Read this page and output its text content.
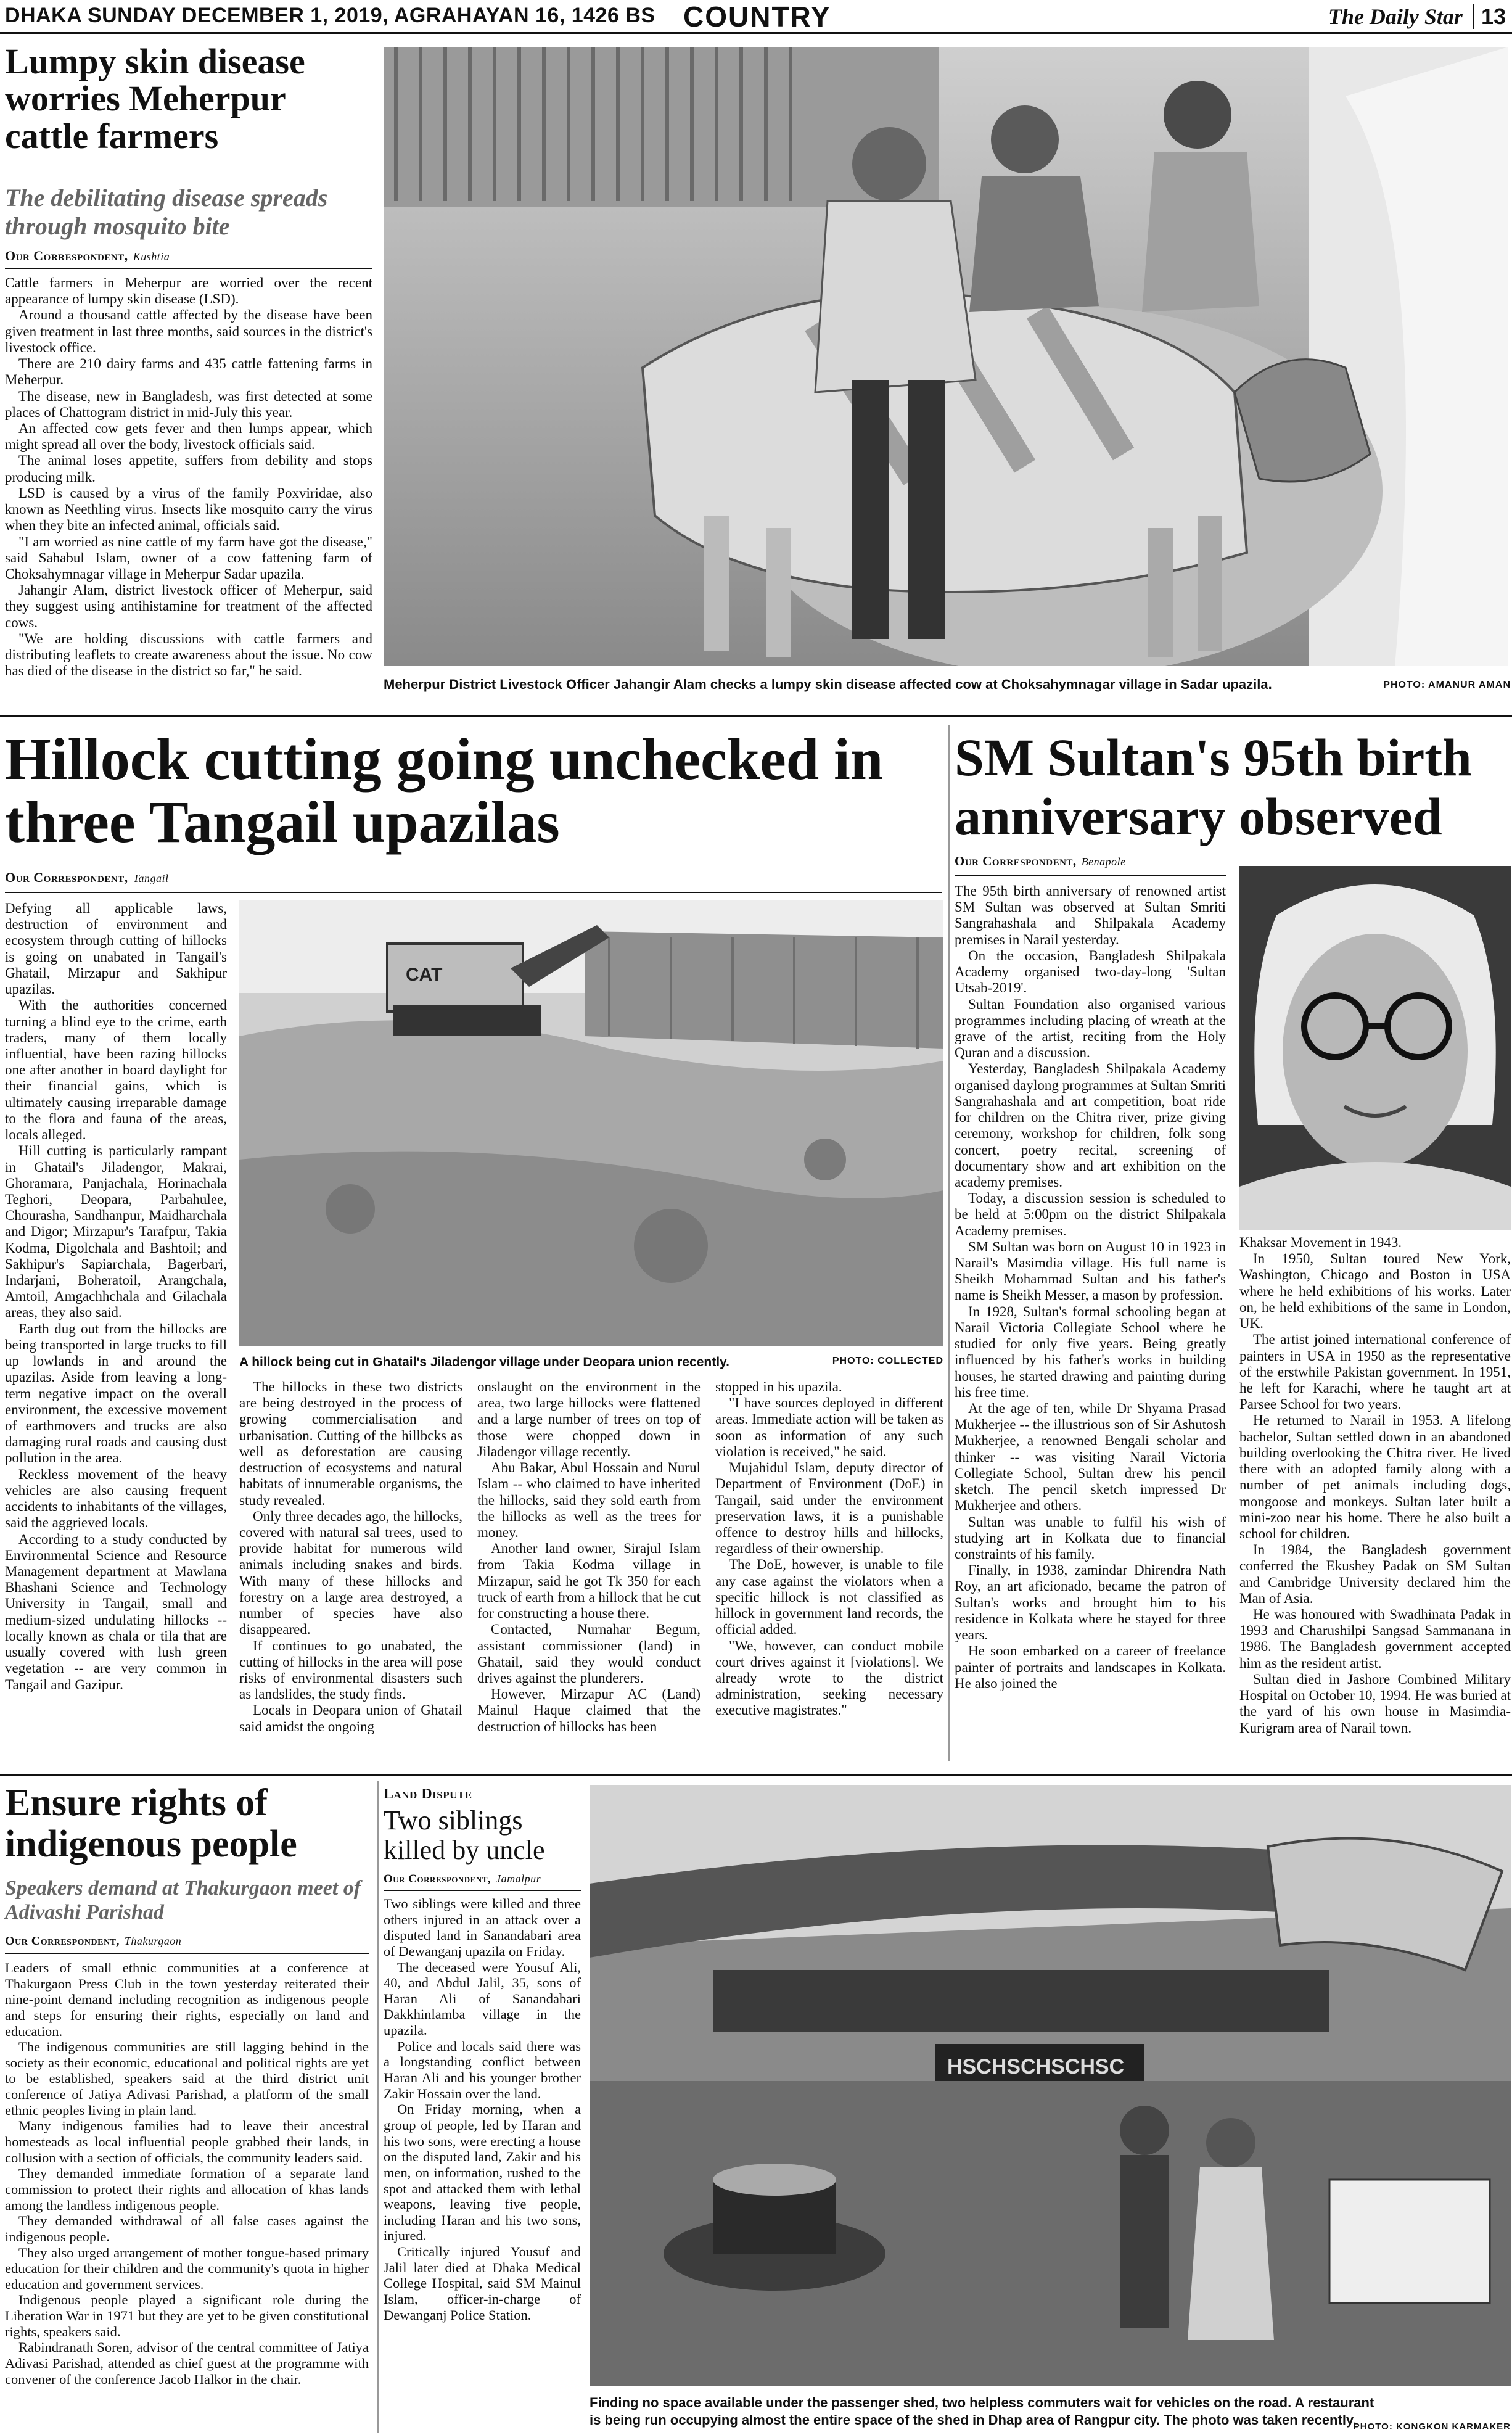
DHAKA SUNDAY DECEMBER 1, 2019, AGRAHAYAN 16, 1426 BS COUNTRY	The Daily Star 13
Lumpy skin disease worries Meherpur cattle farmers
The debilitating disease spreads through mosquito bite
Our Correspondent, Kushtia

Cattle farmers in Meherpur are worried over the recent appearance of lumpy skin disease (LSD).

Around a thousand cattle affected by the disease have been given treatment in last three months, said sources in the district's livestock office.

There are 210 dairy farms and 435 cattle fattening farms in Meherpur.

The disease, new in Bangladesh, was first detected at some places of Chattogram district in mid-July this year.

An affected cow gets fever and then lumps appear, which might spread all over the body, livestock officials said.

The animal loses appetite, suffers from debility and stops producing milk.

LSD is caused by a virus of the family Poxviridae, also known as Neethling virus. Insects like mosquito carry the virus when they bite an infected animal, officials said.

"I am worried as nine cattle of my farm have got the disease," said Sahabul Islam, owner of a cow fattening farm of Choksahymnagar village in Meherpur Sadar upazila.

Jahangir Alam, district livestock officer of Meherpur, said they suggest using antihistamine for treatment of the affected cows.

"We are holding discussions with cattle farmers and distributing leaflets to create awareness about the issue. No cow has died of the disease in the district so far," he said.

Meherpur District Livestock Officer Jahangir Alam checks a lumpy skin disease affected cow at Choksahymnagar village in Sadar upazila.	PHOTO: AMANUR AMAN
Hillock cutting going unchecked in three Tangail upazilas
Our Correspondent, Tangail

Defying all applicable laws, destruction of environment and ecosystem through cutting of hillocks is going on unabated in Tangail's Ghatail, Mirzapur and Sakhipur upazilas.

With the authorities concerned turning a blind eye to the crime, earth traders, many of them locally influential, have been razing hillocks one after another in board daylight for their financial gains, which is ultimately causing irreparable damage to the flora and fauna of the areas, locals alleged.

Hill cutting is particularly rampant in Ghatail's Jiladengor, Makrai, Ghoramara, Panjachala, Horinachala Teghori, Deopara, Parbahulee, Chourasha, Sandhanpur, Maidharchala and Digor; Mirzapur's Tarafpur, Takia Kodma, Digolchala and Bashtoil; and Sakhipur's Sapiarchala, Bagerbari, Indarjani, Boheratoil, Arangchala, Amtoil, Amgachhchala and Gilachala areas, they also said.

Earth dug out from the hillocks are being transported in large trucks to fill up lowlands in and around the upazilas. Aside from leaving a long-term negative impact on the overall environment, the excessive movement of earthmovers and trucks are also damaging rural roads and causing dust pollution in the area.

Reckless movement of the heavy vehicles are also causing frequent accidents to inhabitants of the villages, said the aggrieved locals.

According to a study conducted by Environmental Science and Resource Management department at Mawlana Bhashani Science and Technology University in Tangail, small and medium-sized undulating hillocks -- locally known as chala or tila that are usually covered with lush green vegetation -- are very common in Tangail and Gazipur.

CAT
A hillock being cut in Ghatail's Jiladengor village under Deopara union recently.	PHOTO: COLLECTED

The hillocks in these two districts are being destroyed in the process of growing commercialisation and urbanisation. Cutting of the hillbcks as well as deforestation are causing destruction of ecosystems and natural habitats of innumerable organisms, the study revealed.

Only three decades ago, the hillocks, covered with natural sal trees, used to provide habitat for numerous wild animals including snakes and birds. With many of these hillocks and forestry on a large area destroyed, a number of species have also disappeared.

If continues to go unabated, the cutting of hillocks in the area will pose risks of environmental disasters such as landslides, the study finds.

Locals in Deopara union of Ghatail said amidst the ongoing

onslaught on the environment in the area, two large hillocks were flattened and a large number of trees on top of those were chopped down in Jiladengor village recently.

Abu Bakar, Abul Hossain and Nurul Islam -- who claimed to have inherited the hillocks, said they sold earth from the hillocks as well as the trees for money.

Another land owner, Sirajul Islam from Takia Kodma village in Mirzapur, said he got Tk 350 for each truck of earth from a hillock that he cut for constructing a house there.

Contacted, Nurnahar Begum, assistant commissioner (land) in Ghatail, said they would conduct drives against the plunderers.

However, Mirzapur AC (Land) Mainul Haque claimed that the destruction of hillocks has been

stopped in his upazila.

"I have sources deployed in different areas. Immediate action will be taken as soon as information of any such violation is received," he said.

Mujahidul Islam, deputy director of Department of Environment (DoE) in Tangail, said under the environment preservation laws, it is a punishable offence to destroy hills and hillocks, regardless of their ownership.

The DoE, however, is unable to file any case against the violators when a specific hillock is not classified as hillock in government land records, the official added.

"We, however, can conduct mobile court drives against it [violations]. We already wrote to the district administration, seeking necessary executive magistrates."

SM Sultan's 95th birth anniversary observed
Our Correspondent, Benapole

The 95th birth anniversary of renowned artist SM Sultan was observed at Sultan Smriti Sangrahashala and Shilpakala Academy premises in Narail yesterday.

On the occasion, Bangladesh Shilpakala Academy organised two-day-long 'Sultan Utsab-2019'.

Sultan Foundation also organised various programmes including placing of wreath at the grave of the artist, reciting from the Holy Quran and a discussion.

Yesterday, Bangladesh Shilpakala Academy organised daylong programmes at Sultan Smriti Sangrahashala and art competition, boat ride for children on the Chitra river, prize giving ceremony, workshop for children, folk song concert, poetry recital, screening of documentary show and art exhibition on the academy premises.

Today, a discussion session is scheduled to be held at 5:00pm on the district Shilpakala Academy premises.

SM Sultan was born on August 10 in 1923 in Narail's Masimdia village. His full name is Sheikh Mohammad Sultan and his father's name is Sheikh Messer, a mason by profession.

In 1928, Sultan's formal schooling began at Narail Victoria Collegiate School where he studied for only five years. Being greatly influenced by his father's works in building houses, he started drawing and painting during his free time.

At the age of ten, while Dr Shyama Prasad Mukherjee -- the illustrious son of Sir Ashutosh Mukherjee, a renowned Bengali scholar and thinker -- was visiting Narail Victoria Collegiate School, Sultan drew his pencil sketch. The pencil sketch impressed Dr Mukherjee and others.

Sultan was unable to fulfil his wish of studying art in Kolkata due to financial constraints of his family.

Finally, in 1938, zamindar Dhirendra Nath Roy, an art aficionado, became the patron of Sultan's works and brought him to his residence in Kolkata where he stayed for three years.

He soon embarked on a career of freelance painter of portraits and landscapes in Kolkata. He also joined the

Khaksar Movement in 1943.

In 1950, Sultan toured New York, Washington, Chicago and Boston in USA where he held exhibitions of his works. Later on, he held exhibitions of the same in London, UK.

The artist joined international conference of painters in USA in 1950 as the representative of the erstwhile Pakistan government. In 1951, he left for Karachi, where he taught art at Parsee School for two years.

He returned to Narail in 1953. A lifelong bachelor, Sultan settled down in an abandoned building overlooking the Chitra river. He lived there with an adopted family along with a number of pet animals including dogs, mongoose and monkeys. Sultan later built a mini-zoo near his home. There he also built a school for children.

In 1984, the Bangladesh government conferred the Ekushey Padak on SM Sultan and Cambridge University declared him the Man of Asia.

He was honoured with Swadhinata Padak in 1993 and Charushilpi Sangsad Sammanana in 1986. The Bangladesh government accepted him as the resident artist.

Sultan died in Jashore Combined Military Hospital on October 10, 1994. He was buried at the yard of his own house in Masimdia-Kurigram area of Narail town.

Ensure rights of indigenous people
Speakers demand at Thakurgaon meet of Adivashi Parishad
Our Correspondent, Thakurgaon

Leaders of small ethnic communities at a conference at Thakurgaon Press Club in the town yesterday reiterated their nine-point demand including recognition as indigenous people and steps for ensuring their rights, especially on land and education.

The indigenous communities are still lagging behind in the society as their economic, educational and political rights are yet to be established, speakers said at the third district unit conference of Jatiya Adivasi Parishad, a platform of the small ethnic peoples living in plain land.

Many indigenous families had to leave their ancestral homesteads as local influential people grabbed their lands, in collusion with a section of officials, the community leaders said.

They demanded immediate formation of a separate land commission to protect their rights and allocation of khas lands among the landless indigenous people.

They demanded withdrawal of all false cases against the indigenous people.

They also urged arrangement of mother tongue-based primary education for their children and the community's quota in higher education and government services.

Indigenous people played a significant role during the Liberation War in 1971 but they are yet to be given constitutional rights, speakers said.

Rabindranath Soren, advisor of the central committee of Jatiya Adivasi Parishad, attended as chief guest at the programme with convener of the conference Jacob Halkor in the chair.

Land Dispute
Two siblings killed by uncle
Our Correspondent, Jamalpur

Two siblings were killed and three others injured in an attack over a disputed land in Sanandabari area of Dewanganj upazila on Friday.

The deceased were Yousuf Ali, 40, and Abdul Jalil, 35, sons of Haran Ali of Sanandabari Dakkhinlamba village in the upazila.

Police and locals said there was a longstanding conflict between Haran Ali and his younger brother Zakir Hossain over the land.

On Friday morning, when a group of people, led by Haran and his two sons, were erecting a house on the disputed land, Zakir and his men, on information, rushed to the spot and attacked them with lethal weapons, leaving five people, including Haran and his two sons, injured.

Critically injured Yousuf and Jalil later died at Dhaka Medical College Hospital, said SM Mainul Islam, officer-in-charge of Dewanganj Police Station.

HSCHSCHSCHSC
Finding no space available under the passenger shed, two helpless commuters wait for vehicles on the road. A restaurant is being run occupying almost the entire space of the shed in Dhap area of Rangpur city. The photo was taken recently.
PHOTO: KONGKON KARMAKER
